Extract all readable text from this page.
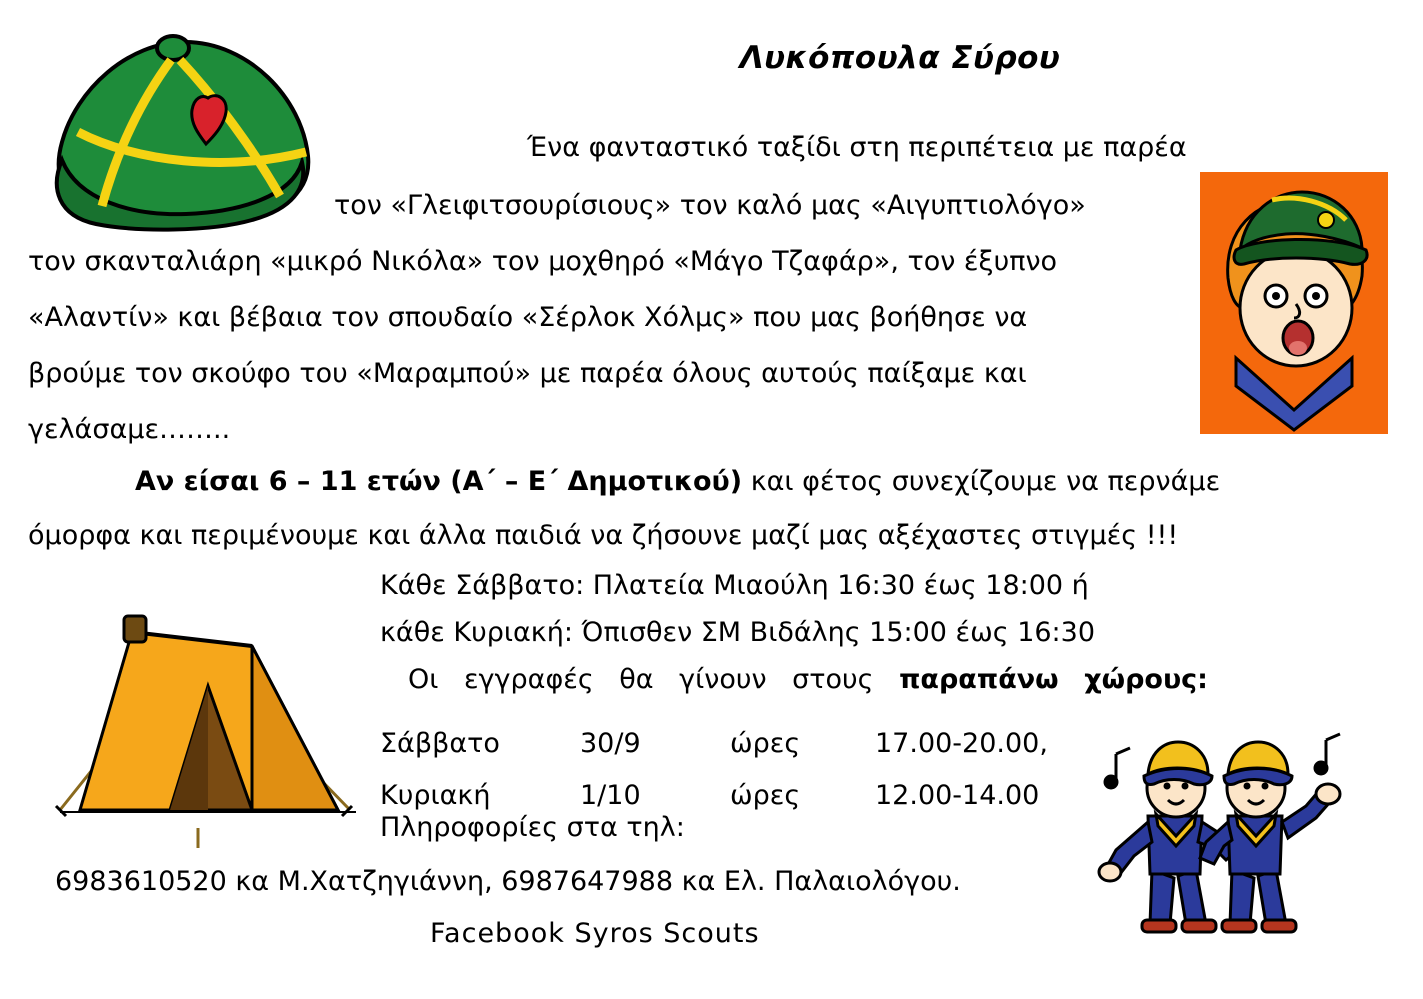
Λυκόπουλα Σύρου
Ένα φανταστικό ταξίδι στη περιπέτεια με παρέα
τον «Γλειφιτσουρίσιους» τον καλό μας «Αιγυπτιολόγο»
τον σκανταλιάρη «μικρό Νικόλα» τον μοχθηρό «Μάγο Τζαφάρ», τον έξυπνο
«Αλαντίν» και βέβαια τον σπουδαίο «Σέρλοκ Χόλμς» που μας βοήθησε να
βρούμε τον σκούφο του «Μαραμπού» με παρέα όλους αυτούς παίξαμε και
γελάσαμε……..
Αν είσαι 6 – 11 ετών (Α΄ – Ε΄ Δημοτικού) και φέτος συνεχίζουμε να περνάμε
όμορφα και περιμένουμε και άλλα παιδιά να ζήσουνε μαζί μας αξέχαστες στιγμές !!!
Κάθε Σάββατο: Πλατεία Μιαούλη 16:30 έως 18:00 ή
κάθε Κυριακή: Όπισθεν ΣΜ Βιδάλης 15:00 έως 16:30
Οι εγγραφές θα γίνουν στους παραπάνω χώρους:
Σάββατο	30/9	ώρες	17.00-20.00,
Κυριακή	1/10	ώρες	12.00-14.00
Πληροφορίες στα τηλ:
6983610520 κα Μ.Χατζηγιάννη, 6987647988 κα Ελ. Παλαιολόγου.
Facebook Syros Scouts
